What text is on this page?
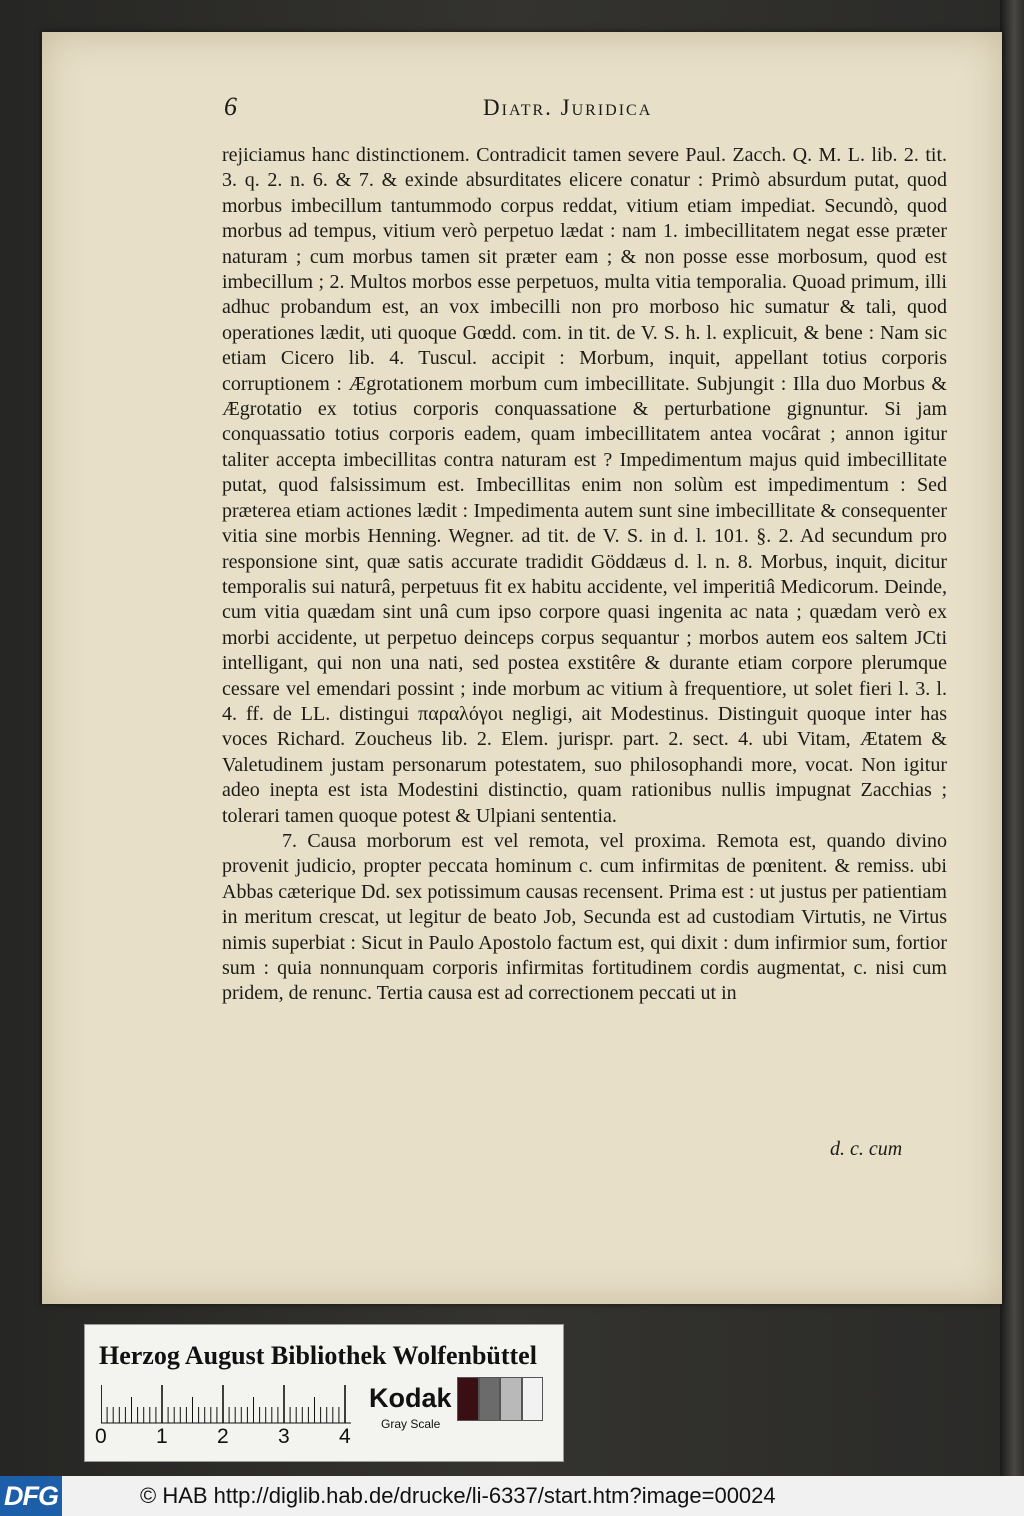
6	Diatr. Juridica

rejiciamus hanc distinctionem. Contradicit tamen severe Paul. Zacch. Q. M. L. lib. 2. tit. 3. q. 2. n. 6. & 7. & exinde absurditates elicere conatur : Primò absurdum putat, quod morbus imbecillum tantummodo corpus reddat, vitium etiam impediat. Secundò, quod morbus ad tempus, vitium verò perpetuo lædat : nam 1. imbecillitatem negat esse præter naturam ; cum morbus tamen sit præter eam ; & non posse esse morbosum, quod est imbecillum ; 2. Multos morbos esse perpetuos, multa vitia temporalia. Quoad primum, illi adhuc probandum est, an vox imbecilli non pro morboso hic sumatur & tali, quod operationes lædit, uti quoque Gœdd. com. in tit. de V. S. h. l. explicuit, & bene : Nam sic etiam Cicero lib. 4. Tuscul. accipit : Morbum, inquit, appellant totius corporis corruptionem : Ægrotationem morbum cum imbecillitate. Subjungit : Illa duo Morbus & Ægrotatio ex totius corporis conquassatione & perturbatione gignuntur. Si jam conquassatio totius corporis eadem, quam imbecillitatem antea vocârat ; annon igitur taliter accepta imbecillitas contra naturam est ? Impedimentum majus quid imbecillitate putat, quod falsissimum est. Imbecillitas enim non solùm est impedimentum : Sed præterea etiam actiones lædit : Impedimenta autem sunt sine imbecillitate & consequenter vitia sine morbis Henning. Wegner. ad tit. de V. S. in d. l. 101. §. 2. Ad secundum pro responsione sint, quæ satis accurate tradidit Göddæus d. l. n. 8. Morbus, inquit, dicitur temporalis sui naturâ, perpetuus fit ex habitu accidente, vel imperitiâ Medicorum. Deinde, cum vitia quædam sint unâ cum ipso corpore quasi ingenita ac nata ; quædam verò ex morbi accidente, ut perpetuo deinceps corpus sequantur ; morbos autem eos saltem JCti intelligant, qui non una nati, sed postea exstitêre & durante etiam corpore plerumque cessare vel emendari possint ; inde morbum ac vitium à frequentiore, ut solet fieri l. 3. l. 4. ff. de LL. distingui παραλόγοι negligi, ait Modestinus. Distinguit quoque inter has voces Richard. Zoucheus lib. 2. Elem. jurispr. part. 2. sect. 4. ubi Vitam, Ætatem & Valetudinem justam personarum potestatem, suo philosophandi more, vocat. Non igitur adeo inepta est ista Modestini distinctio, quam rationibus nullis impugnat Zacchias ; tolerari tamen quoque potest & Ulpiani sententia.

7. Causa morborum est vel remota, vel proxima. Remota est, quando divino provenit judicio, propter peccata hominum c. cum infirmitas de pœnitent. & remiss. ubi Abbas cæterique Dd. sex potissimum causas recensent. Prima est : ut justus per patientiam in meritum crescat, ut legitur de beato Job, Secunda est ad custodiam Virtutis, ne Virtus nimis superbiat : Sicut in Paulo Apostolo factum est, qui dixit : dum infirmior sum, fortior sum : quia nonnunquam corporis infirmitas fortitudinem cordis augmentat, c. nisi cum pridem, de renunc. Tertia causa est ad correctionem peccati ut in

d. c. cum
Herzog August Bibliothek Wolfenbüttel
0 1 2 3 4
Kodak
Gray Scale
DFG	© HAB http://diglib.hab.de/drucke/li-6337/start.htm?image=00024
